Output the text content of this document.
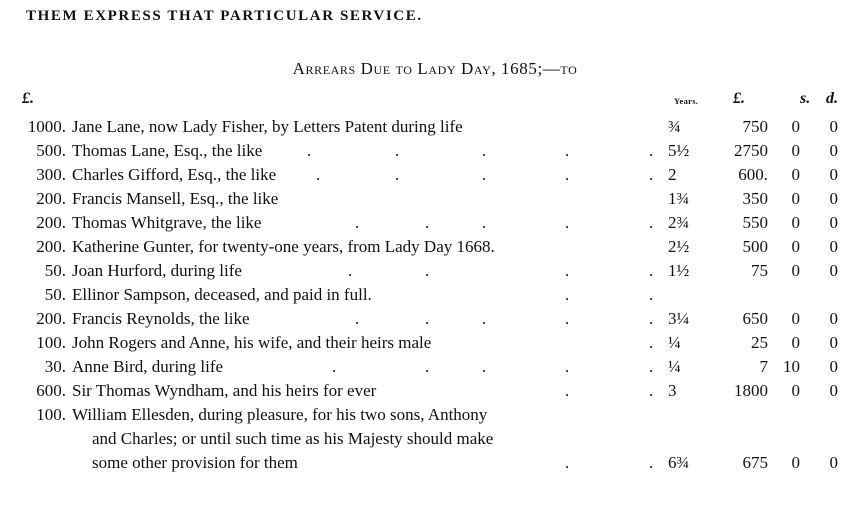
THEM EXPRESS THAT PARTICULAR SERVICE.
Arrears Due to Lady Day, 1685;—to
£.	Years. £.	s. d.
1000. Jane Lane, now Lady Fisher, by Letters Patent during life	¾	750 0 0
500. Thomas Lane, Esq., the like	.	.	.	.	. 5½	2750 0 0
300. Charles Gifford, Esq., the like .	.	.	.	. 2	600. 0 0
200. Francis Mansell, Esq., the like	1¾	350 0 0
200. Thomas Whitgrave, the like	.	.	.	.	. 2¾	550 0 0
200. Katherine Gunter, for twenty-one years, from Lady Day 1668.	2½	500 0 0
50. Joan Hurford, during life	.	.	.	. 1½	75 0 0
50. Ellinor Sampson, deceased, and paid in full.	.	.
200. Francis Reynolds, the like	.	.	.	.	. 3¼	650 0 0
100. John Rogers and Anne, his wife, and their heirs male	. ¼	25 0 0
30. Anne Bird, during life	.	.	.	.	. ¼	7 10 0
600. Sir Thomas Wyndham, and his heirs for ever	.	. 3	1800 0 0
100. William Ellesden, during pleasure, for his two sons, Anthony
and Charles; or until such time as his Majesty should make
some other provision for them	.	. 6¾	675 0 0
